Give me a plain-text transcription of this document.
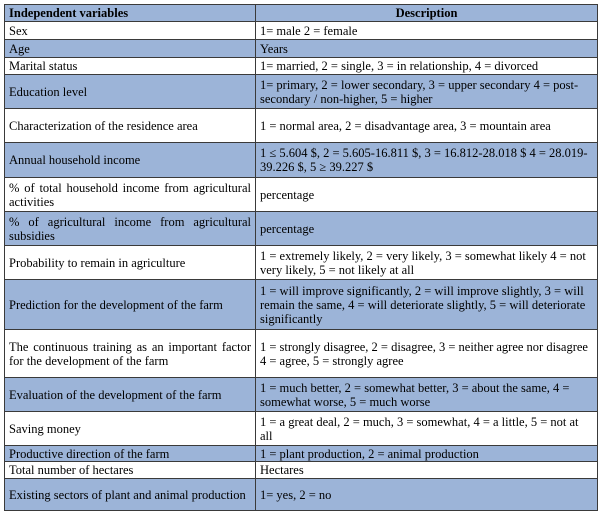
Independent variables	Description
Sex	1= male 2 = female
Age	Years
Marital status	1= married, 2 = single, 3 = in relationship, 4 = divorced
Education level	1= primary, 2 = lower secondary, 3 = upper secondary 4 = post-secondary / non-higher, 5 = higher
Characterization of the residence area	1 = normal area, 2 = disadvantage area, 3 = mountain area
Annual household income	1 ≤ 5.604 $, 2 = 5.605-16.811 $, 3 = 16.812-28.018 $ 4 = 28.019-39.226 $, 5 ≥ 39.227 $
% of total household income from agricultural activities	percentage
% of agricultural income from agricultural subsidies	percentage
Probability to remain in agriculture	1 = extremely likely, 2 = very likely, 3 = somewhat likely 4 = not very likely, 5 = not likely at all
Prediction for the development of the farm	1 = will improve significantly, 2 = will improve slightly, 3 = will remain the same, 4 = will deteriorate slightly, 5 = will deteriorate significantly
The continuous training as an important factor for the development of the farm	1 = strongly disagree, 2 = disagree, 3 = neither agree nor disagree 4 = agree, 5 = strongly agree
Evaluation of the development of the farm	1 = much better, 2 = somewhat better, 3 = about the same, 4 = somewhat worse, 5 = much worse
Saving money	1 = a great deal, 2 = much, 3 = somewhat, 4 = a little, 5 = not at all
Productive direction of the farm	1 = plant production, 2 = animal production
Total number of hectares	Hectares
Existing sectors of plant and animal production	1= yes, 2 = no
